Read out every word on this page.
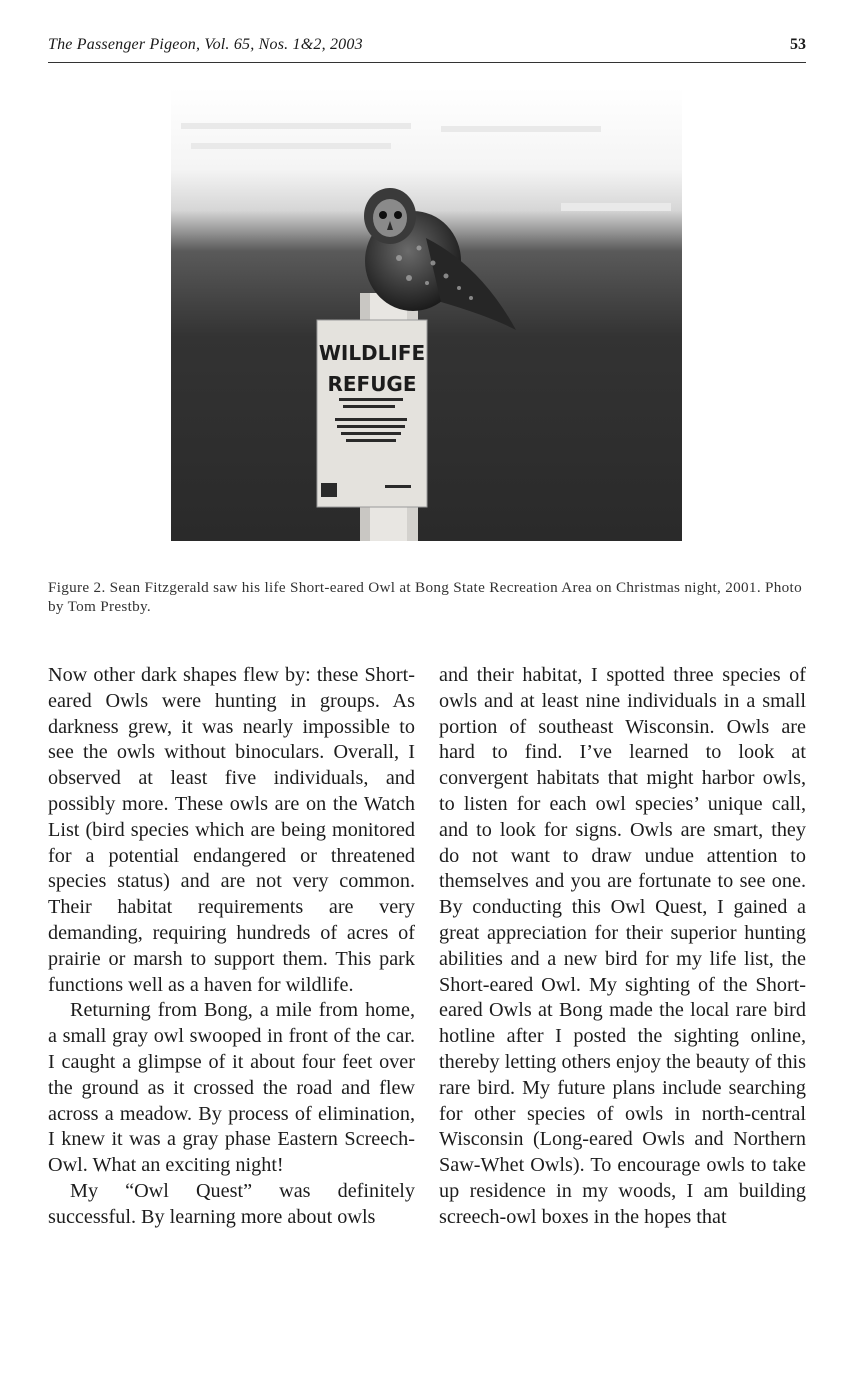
The Passenger Pigeon, Vol. 65, Nos. 1&2, 2003	53
WILDLIFE
REFUGE
Figure 2. Sean Fitzgerald saw his life Short-eared Owl at Bong State Recreation Area on Christmas night, 2001. Photo by Tom Prestby.

Now other dark shapes flew by: these Short-eared Owls were hunting in groups. As darkness grew, it was nearly impossible to see the owls without binoculars. Overall, I observed at least five individuals, and possibly more. These owls are on the Watch List (bird species which are being monitored for a potential endangered or threatened species status) and are not very common. Their habitat requirements are very demanding, requiring hundreds of acres of prairie or marsh to support them. This park functions well as a haven for wildlife.

Returning from Bong, a mile from home, a small gray owl swooped in front of the car. I caught a glimpse of it about four feet over the ground as it crossed the road and flew across a meadow. By process of elimination, I knew it was a gray phase Eastern Screech-Owl. What an exciting night!

My “Owl Quest” was definitely successful. By learning more about owls

and their habitat, I spotted three species of owls and at least nine individuals in a small portion of southeast Wisconsin. Owls are hard to find. I’ve learned to look at convergent habitats that might harbor owls, to listen for each owl species’ unique call, and to look for signs. Owls are smart, they do not want to draw undue attention to themselves and you are fortunate to see one. By conducting this Owl Quest, I gained a great appreciation for their superior hunting abilities and a new bird for my life list, the Short-eared Owl. My sighting of the Short-eared Owls at Bong made the local rare bird hotline after I posted the sighting online, thereby letting others enjoy the beauty of this rare bird. My future plans include searching for other species of owls in north-central Wisconsin (Long-eared Owls and Northern Saw-Whet Owls). To encourage owls to take up residence in my woods, I am building screech-owl boxes in the hopes that
